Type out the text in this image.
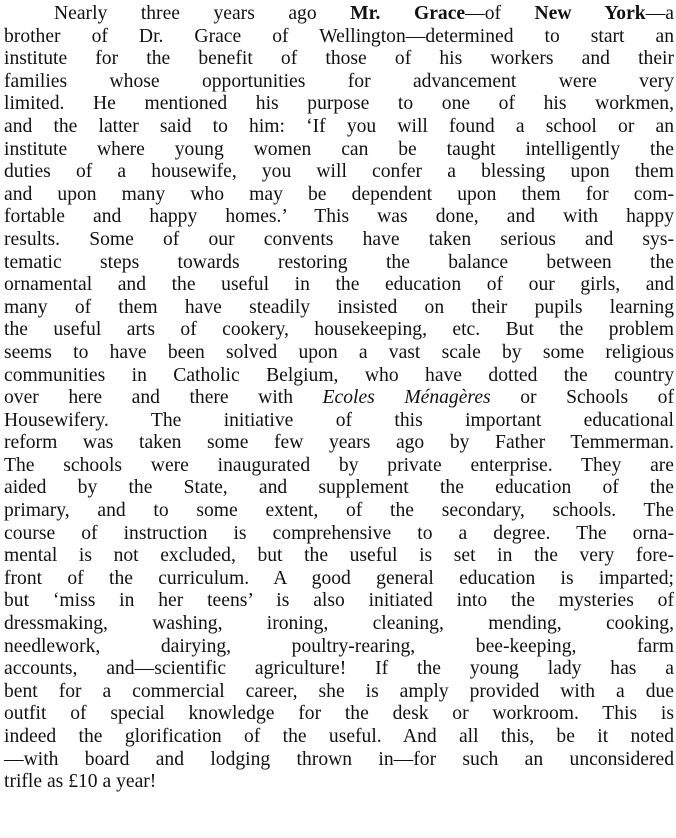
Nearly three years ago Mr. Grace—of New York—a
brother of Dr. Grace of Wellington—determined to start an
institute for the benefit of those of his workers and their
families whose opportunities for advancement were very
limited. He mentioned his purpose to one of his workmen,
and the latter said to him: ‘If you will found a school or an
institute where young women can be taught intelligently the
duties of a housewife, you will confer a blessing upon them
and upon many who may be dependent upon them for com-
fortable and happy homes.’ This was done, and with happy
results. Some of our convents have taken serious and sys-
tematic steps towards restoring the balance between the
ornamental and the useful in the education of our girls, and
many of them have steadily insisted on their pupils learning
the useful arts of cookery, housekeeping, etc. But the problem
seems to have been solved upon a vast scale by some religious
communities in Catholic Belgium, who have dotted the country
over here and there with Ecoles Ménagères or Schools of
Housewifery. The initiative of this important educational
reform was taken some few years ago by Father Temmerman.
The schools were inaugurated by private enterprise. They are
aided by the State, and supplement the education of the
primary, and to some extent, of the secondary, schools. The
course of instruction is comprehensive to a degree. The orna-
mental is not excluded, but the useful is set in the very fore-
front of the curriculum. A good general education is imparted;
but ‘miss in her teens’ is also initiated into the mysteries of
dressmaking, washing, ironing, cleaning, mending, cooking,
needlework, dairying, poultry-rearing, bee-keeping, farm
accounts, and—scientific agriculture! If the young lady has a
bent for a commercial career, she is amply provided with a due
outfit of special knowledge for the desk or workroom. This is
indeed the glorification of the useful. And all this, be it noted
—with board and lodging thrown in—for such an unconsidered
trifle as £10 a year!
